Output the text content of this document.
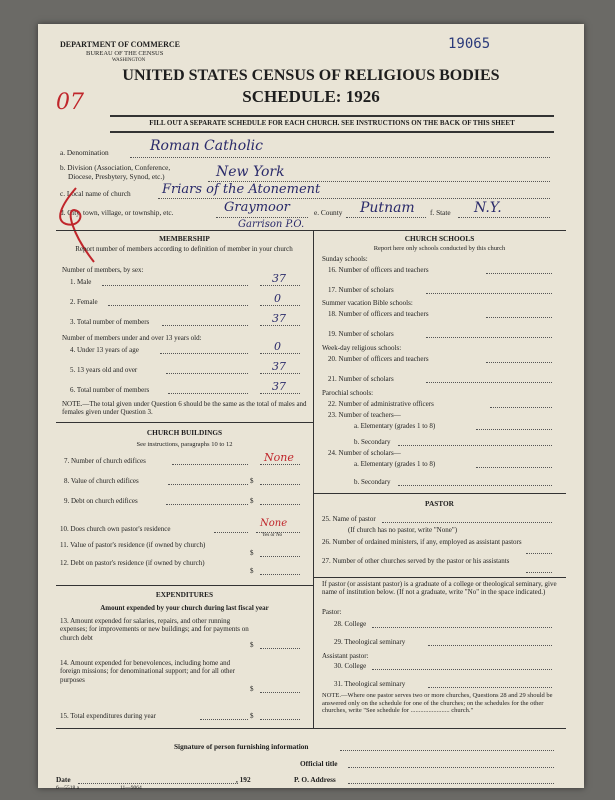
DEPARTMENT OF COMMERCE
BUREAU OF THE CENSUS
WASHINGTON
19065
UNITED STATES CENSUS OF RELIGIOUS BODIES
SCHEDULE: 1926
07
FILL OUT A SEPARATE SCHEDULE FOR EACH CHURCH. SEE INSTRUCTIONS ON THE BACK OF THIS SHEET
a. Denomination	Roman Catholic
b. Division (Association, Conference,
Diocese, Presbytery, Synod, etc.)	New York
c. Local name of church Friars of the Atonement
d. City, town, village, or township, etc.	Graymoor
Garrison P.O.
e. County Putnam f. State N.Y.
MEMBERSHIP
Report number of members according to definition of member in your church
Number of members, by sex:
1. Male	37
2. Female	0
3. Total number of members	37
Number of members under and over 13 years old:
4. Under 13 years of age	0
5. 13 years old and over	37
6. Total number of members	37
NOTE.—The total given under Question 6 should be the same as the total of males and females given under Question 3.
CHURCH BUILDINGS
See instructions, paragraphs 10 to 12
7. Number of church edifices	None
8. Value of church edifices	$
9. Debt on church edifices	$
10. Does church own pastor's residence	None
Yes or No
11. Value of pastor's residence (if owned by church)
$
12. Debt on pastor's residence (if owned by church)
$
EXPENDITURES
Amount expended by your church during last fiscal year
13. Amount expended for salaries, repairs, and other running expenses; for improvements or new buildings; and for payments on church debt
$
14. Amount expended for benevolences, including home and foreign missions; for denominational support; and for all other purposes
$
15. Total expenditures during year	$
CHURCH SCHOOLS
Report here only schools conducted by this church
Sunday schools:
16. Number of officers and teachers
17. Number of scholars
Summer vacation Bible schools:
18. Number of officers and teachers
19. Number of scholars
Week-day religious schools:
20. Number of officers and teachers
21. Number of scholars
Parochial schools:
22. Number of administrative officers
23. Number of teachers—
a. Elementary (grades 1 to 8)
b. Secondary
24. Number of scholars—
a. Elementary (grades 1 to 8)
b. Secondary
PASTOR
25. Name of pastor
(If church has no pastor, write "None")
26. Number of ordained ministers, if any, employed as assistant pastors
27. Number of other churches served by the pastor or his assistants
If pastor (or assistant pastor) is a graduate of a college or theological seminary, give name of institution below. (If not a graduate, write "No" in the space indicated.)
Pastor:
28. College
29. Theological seminary
Assistant pastor:
30. College
31. Theological seminary
NOTE.—Where one pastor serves two or more churches, Questions 28 and 29 should be answered only on the schedule for one of the churches; on the schedules for the other churches, write "See schedule for ........................ church."
Signature of person furnishing information
Official title
Date	, 192	P. O. Address
6—5518 a	11—9064
